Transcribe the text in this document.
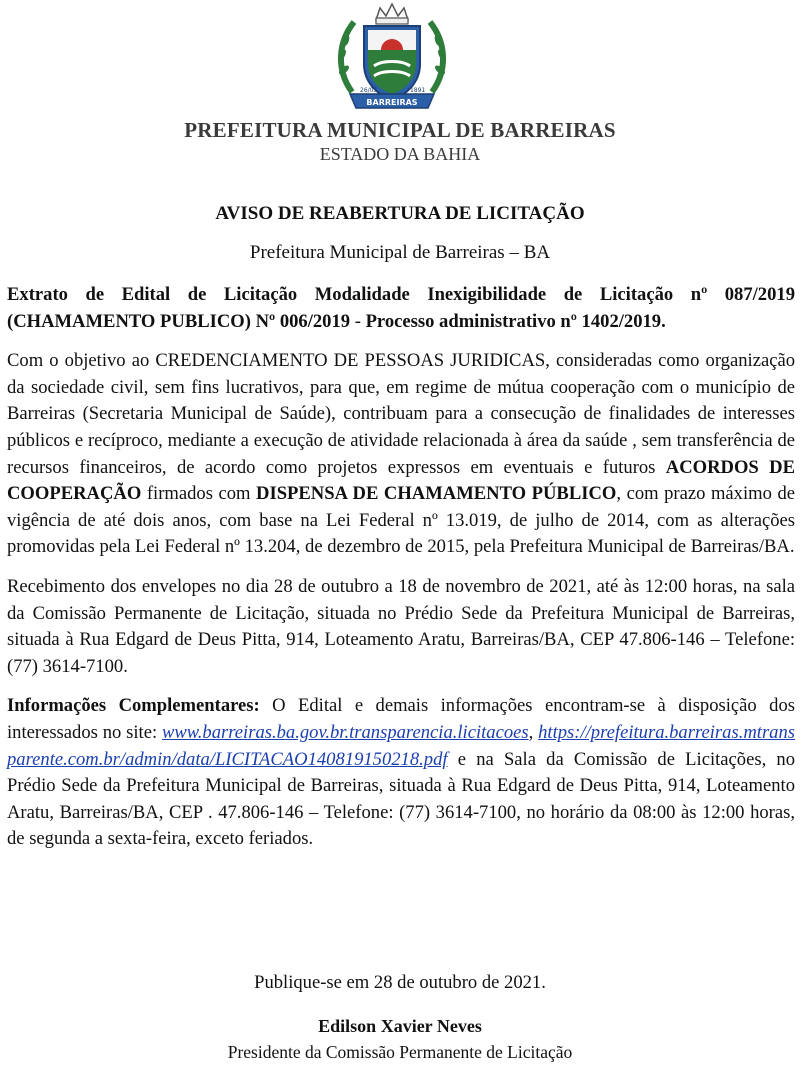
BARREIRAS
26/05	1891
PREFEITURA MUNICIPAL DE BARREIRAS
ESTADO DA BAHIA
AVISO DE REABERTURA DE LICITAÇÃO
Prefeitura Municipal de Barreiras – BA

Extrato de Edital de Licitação Modalidade Inexigibilidade de Licitação nº 087/2019 (CHAMAMENTO PUBLICO) Nº 006/2019 - Processo administrativo nº 1402/2019.

Com o objetivo ao CREDENCIAMENTO DE PESSOAS JURIDICAS, consideradas como organização da sociedade civil, sem fins lucrativos, para que, em regime de mútua cooperação com o município de Barreiras (Secretaria Municipal de Saúde), contribuam para a consecução de finalidades de interesses públicos e recíproco, mediante a execução de atividade relacionada à área da saúde , sem transferência de recursos financeiros, de acordo como projetos expressos em eventuais e futuros ACORDOS DE COOPERAÇÃO firmados com DISPENSA DE CHAMAMENTO PÚBLICO, com prazo máximo de vigência de até dois anos, com base na Lei Federal nº 13.019, de julho de 2014, com as alterações promovidas pela Lei Federal nº 13.204, de dezembro de 2015, pela Prefeitura Municipal de Barreiras/BA.

Recebimento dos envelopes no dia 28 de outubro a 18 de novembro de 2021, até às 12:00 horas, na sala da Comissão Permanente de Licitação, situada no Prédio Sede da Prefeitura Municipal de Barreiras, situada à Rua Edgard de Deus Pitta, 914, Loteamento Aratu, Barreiras/BA, CEP 47.806-146 – Telefone: (77) 3614-7100.

Informações Complementares: O Edital e demais informações encontram-se à disposição dos interessados no site: www.barreiras.ba.gov.br.transparencia.licitacoes, https://prefeitura.barreiras.mtransparente.com.br/admin/data/LICITACAO140819150218.pdf e na Sala da Comissão de Licitações, no Prédio Sede da Prefeitura Municipal de Barreiras, situada à Rua Edgard de Deus Pitta, 914, Loteamento Aratu, Barreiras/BA, CEP . 47.806-146 – Telefone: (77) 3614-7100, no horário da 08:00 às 12:00 horas, de segunda a sexta-feira, exceto feriados.

Publique-se em 28 de outubro de 2021.
Edilson Xavier Neves
Presidente da Comissão Permanente de Licitação
